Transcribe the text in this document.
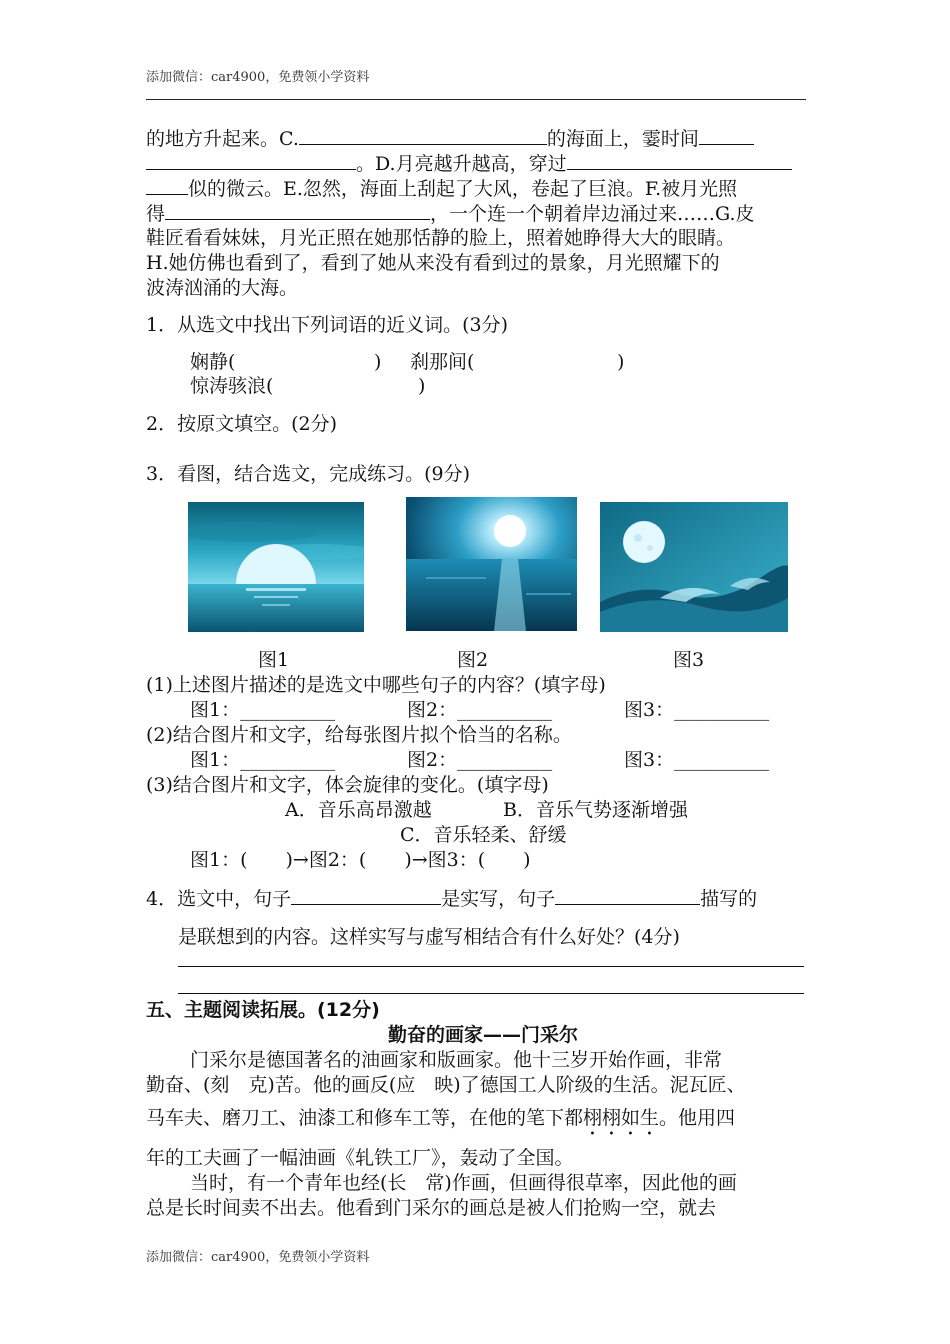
添加微信：car4900，免费领小学资料
的地方升起来。C.	的海面上，霎时间
。D.月亮越升越高，穿过
似的微云。E.忽然，海面上刮起了大风，卷起了巨浪。F.被月光照
得	，一个连一个朝着岸边涌过来……G.皮
鞋匠看看妹妹，月光正照在她那恬静的脸上，照着她睁得大大的眼睛。
H.她仿佛也看到了，看到了她从来没有看到过的景象，月光照耀下的
波涛汹涌的大海。
1．从选文中找出下列词语的近义词。(3分)
娴静(	) 刹那间(	)
惊涛骇浪(	)
2．按原文填空。(2分)
3．看图，结合选文，完成练习。(9分)
图1	图2	图3
(1)上述图片描述的是选文中哪些句子的内容？(填字母)
图1：__________	图2：__________	图3：__________
(2)结合图片和文字，给每张图片拟个恰当的名称。
图1：__________	图2：__________	图3：__________
(3)结合图片和文字，体会旋律的变化。(填字母)
A．音乐高昂激越	B．音乐气势逐渐增强
C．音乐轻柔、舒缓
图1：(　　)→图2：(　　)→图3：(　　)
4．选文中，句子	是实写，句子	描写的
是联想到的内容。这样实写与虚写相结合有什么好处？(4分)
五、主题阅读拓展。(12分)
勤奋的画家——门采尔
门采尔是德国著名的油画家和版画家。他十三岁开始作画，非常
勤奋、(刻　克)苦。他的画反(应　映)了德国工人阶级的生活。泥瓦匠、
马车夫、磨刀工、油漆工和修车工等，在他的笔下都栩栩如生。他用四
年的工夫画了一幅油画《轧铁工厂》，轰动了全国。
当时，有一个青年也经(长　常)作画，但画得很草率，因此他的画
总是长时间卖不出去。他看到门采尔的画总是被人们抢购一空，就去
添加微信：car4900，免费领小学资料
